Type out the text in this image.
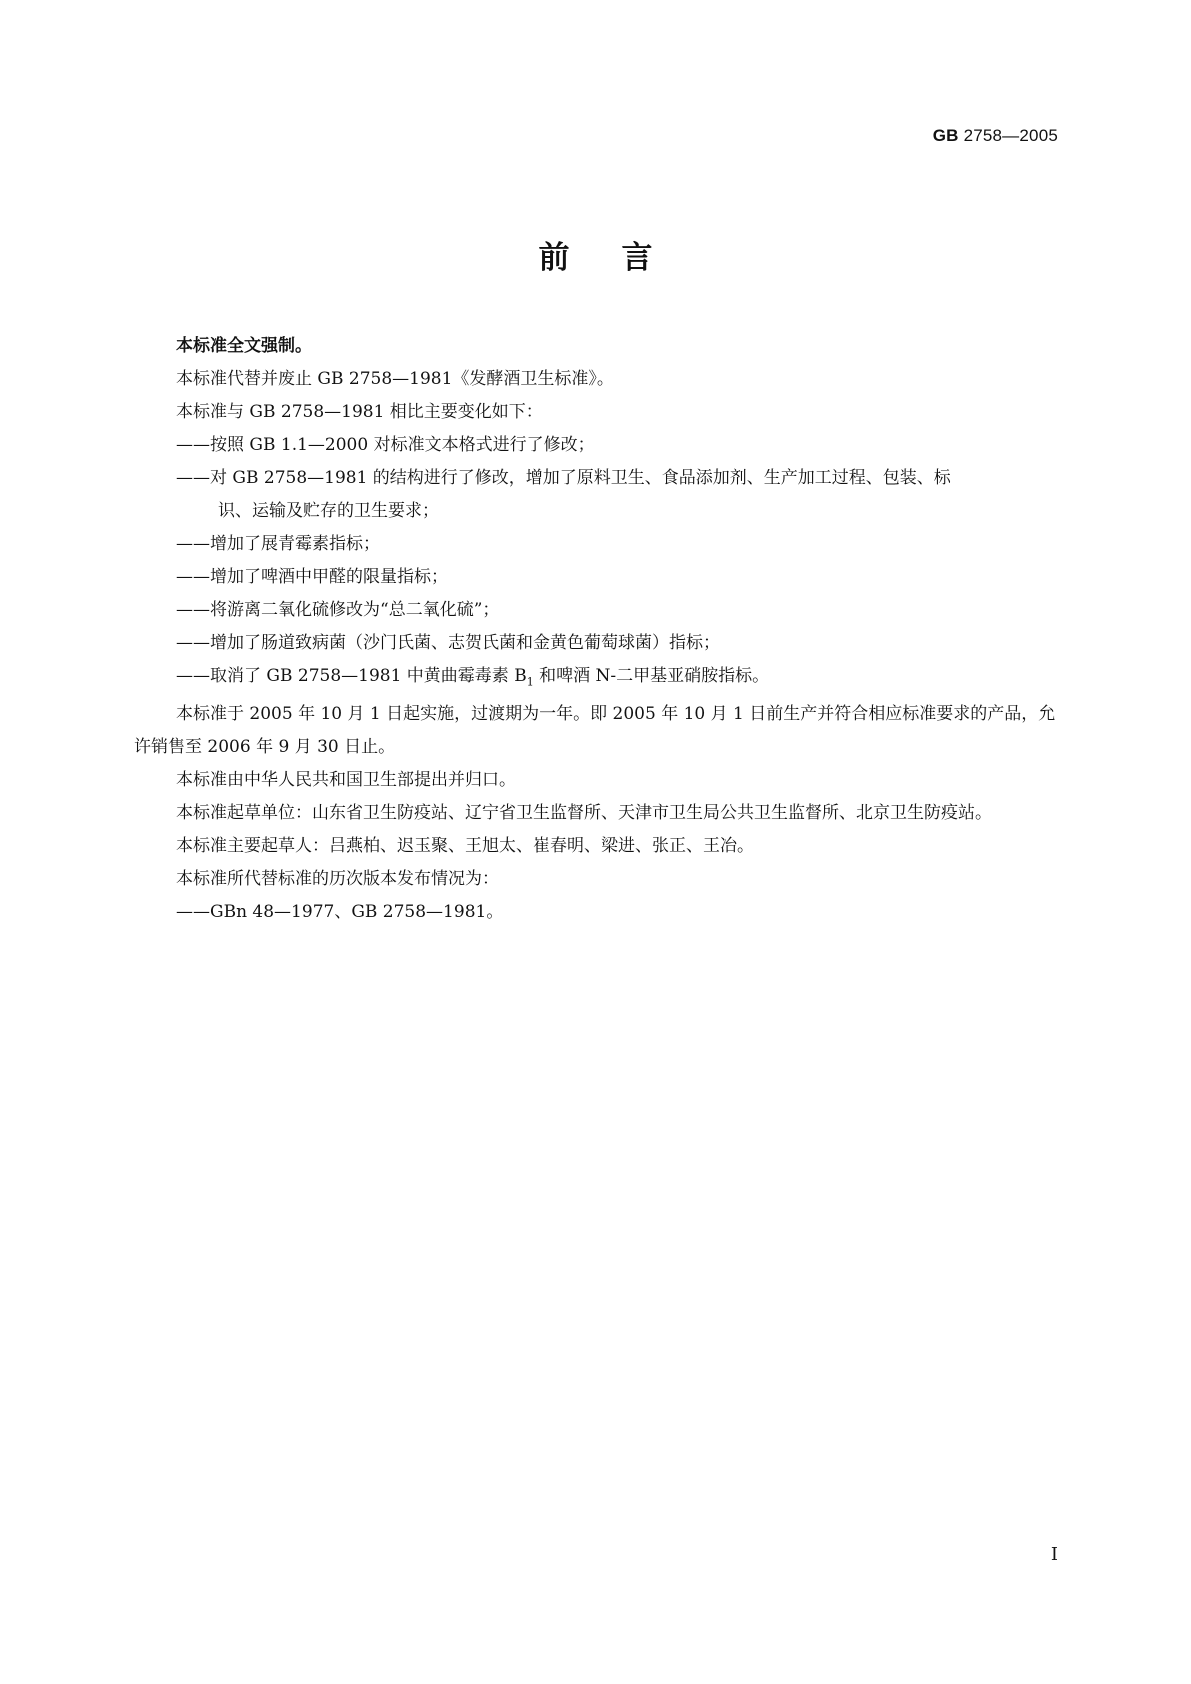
GB 2758—2005
前言

本标准全文强制。

本标准代替并废止 GB 2758—1981《发酵酒卫生标准》。

本标准与 GB 2758—1981 相比主要变化如下：

——按照 GB 1.1—2000 对标准文本格式进行了修改；

——对 GB 2758—1981 的结构进行了修改，增加了原料卫生、食品添加剂、生产加工过程、包装、标

识、运输及贮存的卫生要求；

——增加了展青霉素指标；

——增加了啤酒中甲醛的限量指标；

——将游离二氧化硫修改为“总二氧化硫”；

——增加了肠道致病菌（沙门氏菌、志贺氏菌和金黄色葡萄球菌）指标；

——取消了 GB 2758—1981 中黄曲霉毒素 $B_1$ 和啤酒 N-二甲基亚硝胺指标。

本标准于 2005 年 10 月 1 日起实施，过渡期为一年。即 2005 年 10 月 1 日前生产并符合相应标准要求的产品，允许销售至 2006 年 9 月 30 日止。

本标准由中华人民共和国卫生部提出并归口。

本标准起草单位：山东省卫生防疫站、辽宁省卫生监督所、天津市卫生局公共卫生监督所、北京卫生防疫站。

本标准主要起草人：吕燕柏、迟玉聚、王旭太、崔春明、梁进、张正、王冶。

本标准所代替标准的历次版本发布情况为：

——GBn 48—1977、GB 2758—1981。

I
